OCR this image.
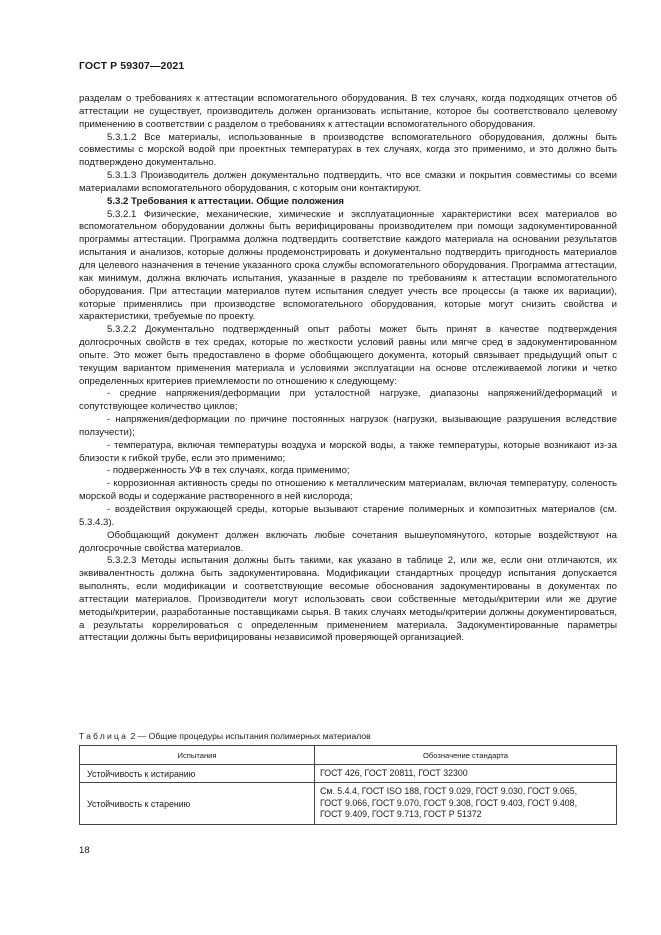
ГОСТ Р 59307—2021

разделам о требованиях к аттестации вспомогательного оборудования. В тех случаях, когда подходящих отчетов об аттестации не существует, производитель должен организовать испытание, которое бы соответствовало целевому применению в соответствии с разделом о требованиях к аттестации вспомогательного оборудования.

5.3.1.2 Все материалы, использованные в производстве вспомогательного оборудования, должны быть совместимы с морской водой при проектных температурах в тех случаях, когда это применимо, и это должно быть подтверждено документально.

5.3.1.3 Производитель должен документально подтвердить, что все смазки и покрытия совместимы со всеми материалами вспомогательного оборудования, с которым они контактируют.

5.3.2 Требования к аттестации. Общие положения

5.3.2.1 Физические, механические, химические и эксплуатационные характеристики всех материалов во вспомогательном оборудовании должны быть верифицированы производителем при помощи задокументированной программы аттестации. Программа должна подтвердить соответствие каждого материала на основании результатов испытания и анализов, которые должны продемонстрировать и документально подтвердить пригодность материалов для целевого назначения в течение указанного срока службы вспомогательного оборудования. Программа аттестации, как минимум, должна включать испытания, указанные в разделе по требованиям к аттестации вспомогательного оборудования. При аттестации материалов путем испытания следует учесть все процессы (а также их вариации), которые применялись при производстве вспомогательного оборудования, которые могут снизить свойства и характеристики, требуемые по проекту.

5.3.2.2 Документально подтвержденный опыт работы может быть принят в качестве подтверждения долгосрочных свойств в тех средах, которые по жесткости условий равны или мягче сред в задокументированном опыте. Это может быть предоставлено в форме обобщающего документа, который связывает предыдущий опыт с текущим вариантом применения материала и условиями эксплуатации на основе отслеживаемой логики и четко определенных критериев приемлемости по отношению к следующему:

- средние напряжения/деформации при усталостной нагрузке, диапазоны напряжений/деформаций и сопутствующее количество циклов;

- напряжения/деформации по причине постоянных нагрузок (нагрузки, вызывающие разрушения вследствие ползучести);

- температура, включая температуры воздуха и морской воды, а также температуры, которые возникают из-за близости к гибкой трубе, если это применимо;

- подверженность УФ в тех случаях, когда применимо;

- коррозионная активность среды по отношению к металлическим материалам, включая температуру, соленость морской воды и содержание растворенного в ней кислорода;

- воздействия окружающей среды, которые вызывают старение полимерных и композитных материалов (см. 5.3.4.3).

Обобщающий документ должен включать любые сочетания вышеупомянутого, которые воздействуют на долгосрочные свойства материалов.

5.3.2.3 Методы испытания должны быть такими, как указано в таблице 2, или же, если они отличаются, их эквивалентность должна быть задокументирована. Модификации стандартных процедур испытания допускается выполнять, если модификации и соответствующие весомые обоснования задокументированы в документах по аттестации материалов. Производители могут использовать свои собственные методы/критерии или же другие методы/критерии, разработанные поставщиками сырья. В таких случаях методы/критерии должны документироваться, а результаты коррелироваться с определенным применением материала. Задокументированные параметры аттестации должны быть верифицированы независимой проверяющей организацией.

Таблица 2 — Общие процедуры испытания полимерных материалов
Испытания	Обозначение стандарта
Устойчивость к истиранию	ГОСТ 426, ГОСТ 20811, ГОСТ 32300

Устойчивость к старению	См. 5.4.4, ГОСТ ISO 188, ГОСТ 9.029, ГОСТ 9.030, ГОСТ 9.065,
ГОСТ 9.066, ГОСТ 9.070, ГОСТ 9.308, ГОСТ 9.403, ГОСТ 9.408,
ГОСТ 9.409, ГОСТ 9.713, ГОСТ Р 51372
18
